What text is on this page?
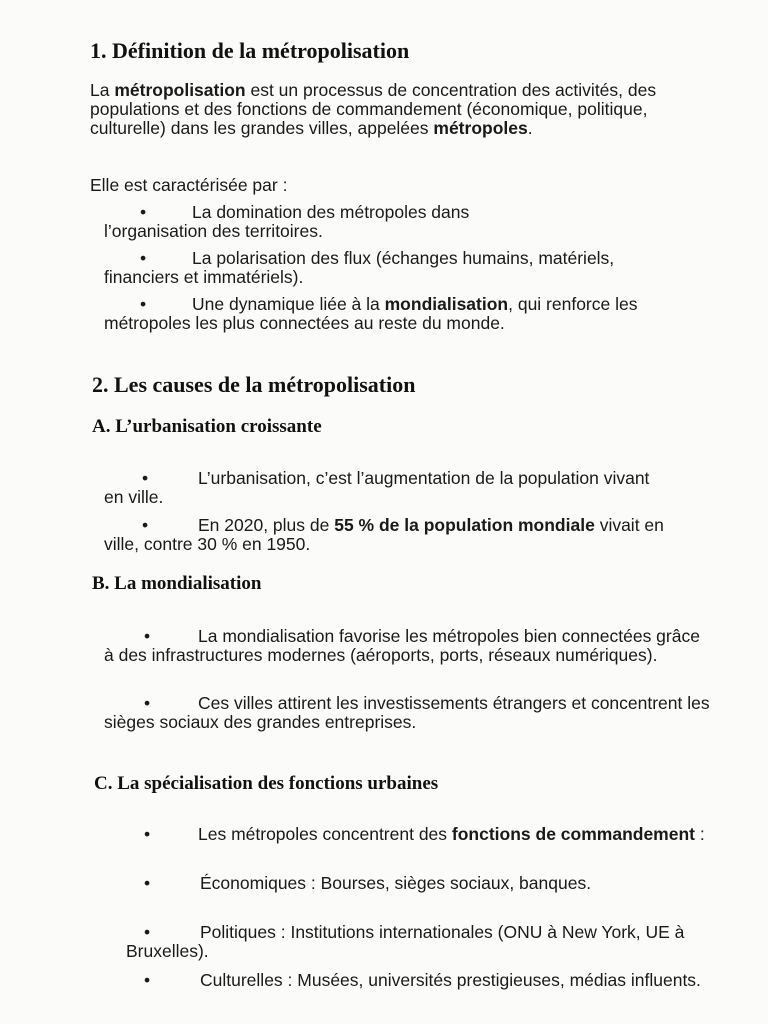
1. Définition de la métropolisation

La métropolisation est un processus de concentration des activités, des populations et des fonctions de commandement (économique, politique, culturelle) dans les grandes villes, appelées métropoles.

Elle est caractérisée par :

•	La domination des métropoles dans l’organisation des territoires.
•	La polarisation des flux (échanges humains, matériels, financiers et immatériels).
•	Une dynamique liée à la mondialisation, qui renforce les métropoles les plus connectées au reste du monde.
2. Les causes de la métropolisation
A. L’urbanisation croissante
•	L’urbanisation, c’est l’augmentation de la population vivant en ville.
•	En 2020, plus de 55 % de la population mondiale vivait en ville, contre 30 % en 1950.
B. La mondialisation
•	La mondialisation favorise les métropoles bien connectées grâce à des infrastructures modernes (aéroports, ports, réseaux numériques).
•	Ces villes attirent les investissements étrangers et concentrent les sièges sociaux des grandes entreprises.
C. La spécialisation des fonctions urbaines
•	Les métropoles concentrent des fonctions de commandement :
•	Économiques : Bourses, sièges sociaux, banques.
•	Politiques : Institutions internationales (ONU à New York, UE à Bruxelles).
•	Culturelles : Musées, universités prestigieuses, médias influents.
